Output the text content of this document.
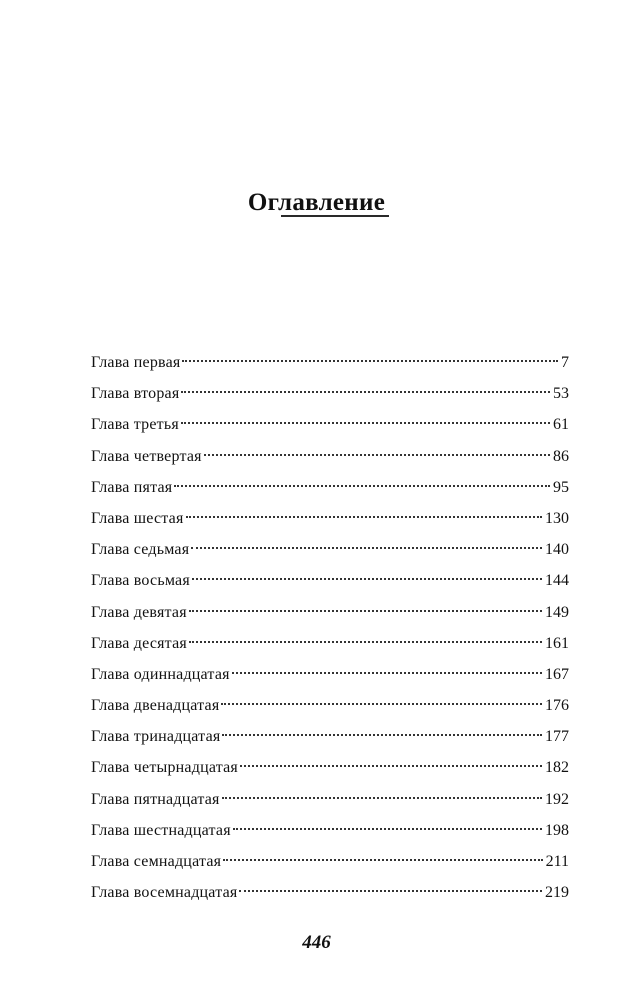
Оглавление
Глава первая	7
Глава вторая	53
Глава третья	61
Глава четвертая	86
Глава пятая	95
Глава шестая	130
Глава седьмая	140
Глава восьмая	144
Глава девятая	149
Глава десятая	161
Глава одиннадцатая	167
Глава двенадцатая	176
Глава тринадцатая	177
Глава четырнадцатая	182
Глава пятнадцатая	192
Глава шестнадцатая	198
Глава семнадцатая	211
Глава восемнадцатая	219
446
